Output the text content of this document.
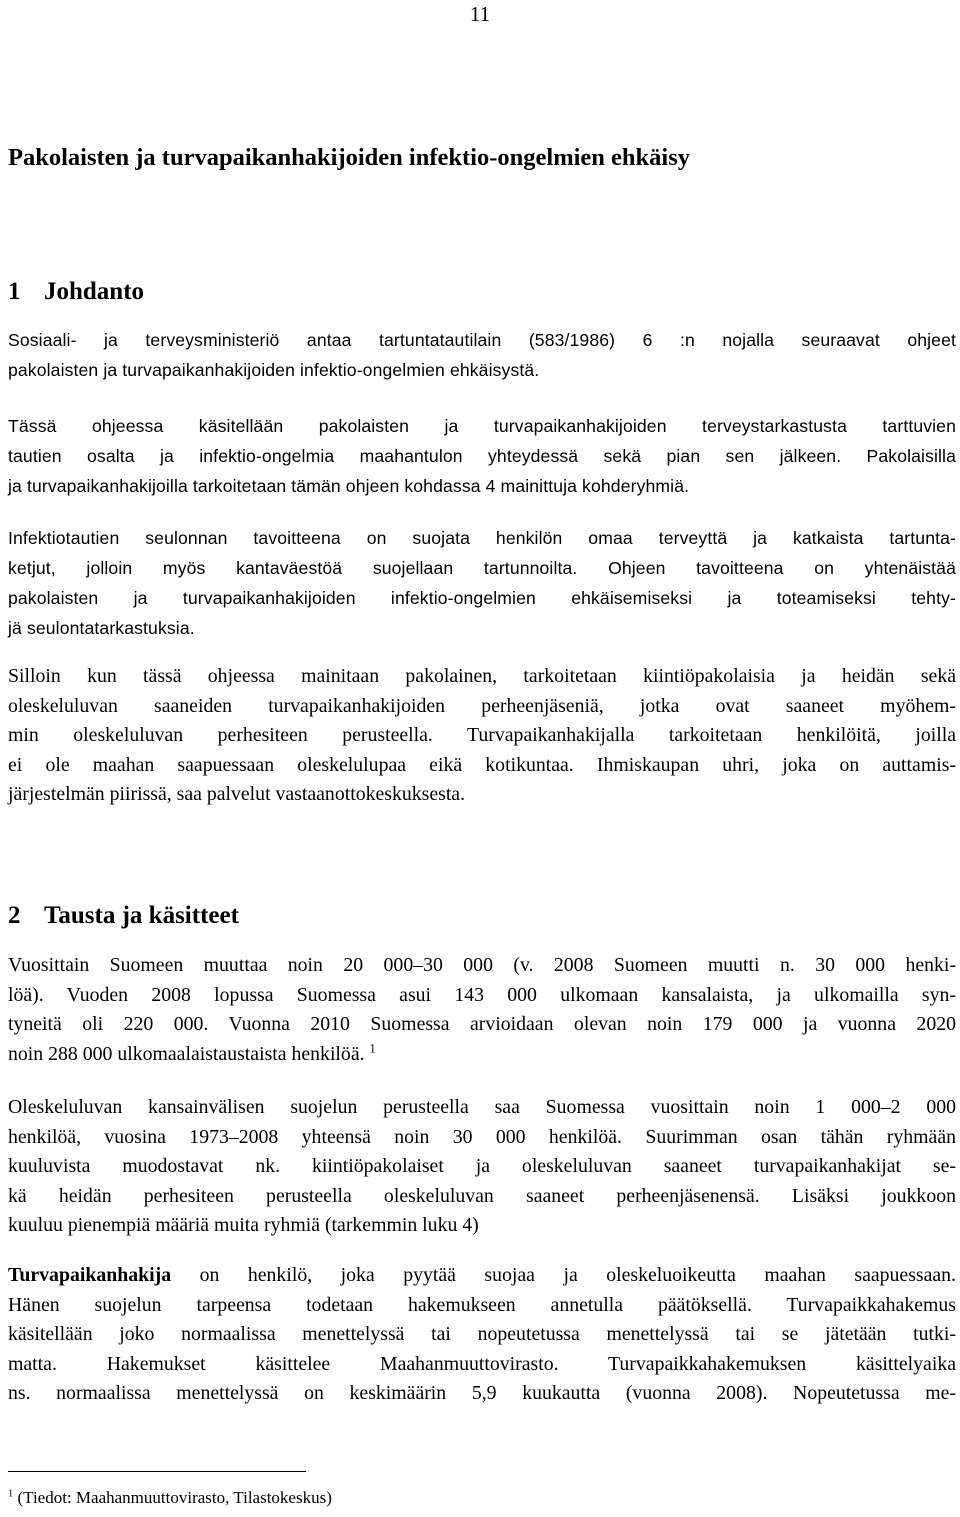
11
Pakolaisten ja turvapaikanhakijoiden infektio-ongelmien ehkäisy
1 Johdanto
Sosiaali- ja terveysministeriö antaa tartuntatautilain (583/1986) 6 :n nojalla seuraavat ohjeet
pakolaisten ja turvapaikanhakijoiden infektio-ongelmien ehkäisystä.
Tässä ohjeessa käsitellään pakolaisten ja turvapaikanhakijoiden terveystarkastusta tarttuvien
tautien osalta ja infektio-ongelmia maahantulon yhteydessä sekä pian sen jälkeen. Pakolaisilla
ja turvapaikanhakijoilla tarkoitetaan tämän ohjeen kohdassa 4 mainittuja kohderyhmiä.
Infektiotautien seulonnan tavoitteena on suojata henkilön omaa terveyttä ja katkaista tartunta-
ketjut, jolloin myös kantaväestöä suojellaan tartunnoilta. Ohjeen tavoitteena on yhtenäistää
pakolaisten ja turvapaikanhakijoiden infektio-ongelmien ehkäisemiseksi ja toteamiseksi tehty-
jä seulontatarkastuksia.
Silloin kun tässä ohjeessa mainitaan pakolainen, tarkoitetaan kiintiöpakolaisia ja heidän sekä
oleskeluluvan saaneiden turvapaikanhakijoiden perheenjäseniä, jotka ovat saaneet myöhem-
min oleskeluluvan perhesiteen perusteella. Turvapaikanhakijalla tarkoitetaan henkilöitä, joilla
ei ole maahan saapuessaan oleskelulupaa eikä kotikuntaa. Ihmiskaupan uhri, joka on auttamis-
järjestelmän piirissä, saa palvelut vastaanottokeskuksesta.
2 Tausta ja käsitteet
Vuosittain Suomeen muuttaa noin 20 000–30 000 (v. 2008 Suomeen muutti n. 30 000 henki-
löä). Vuoden 2008 lopussa Suomessa asui 143 000 ulkomaan kansalaista, ja ulkomailla syn-
tyneitä oli 220 000. Vuonna 2010 Suomessa arvioidaan olevan noin 179 000 ja vuonna 2020
noin 288 000 ulkomaalaistaustaista henkilöä. $^1$
Oleskeluluvan kansainvälisen suojelun perusteella saa Suomessa vuosittain noin 1 000–2 000
henkilöä, vuosina 1973–2008 yhteensä noin 30 000 henkilöä. Suurimman osan tähän ryhmään
kuuluvista muodostavat nk. kiintiöpakolaiset ja oleskeluluvan saaneet turvapaikanhakijat se-
kä heidän perhesiteen perusteella oleskeluluvan saaneet perheenjäsenensä. Lisäksi joukkoon
kuuluu pienempiä määriä muita ryhmiä (tarkemmin luku 4)
Turvapaikanhakija on henkilö, joka pyytää suojaa ja oleskeluoikeutta maahan saapuessaan.
Hänen suojelun tarpeensa todetaan hakemukseen annetulla päätöksellä. Turvapaikkahakemus
käsitellään joko normaalissa menettelyssä tai nopeutetussa menettelyssä tai se jätetään tutki-
matta. Hakemukset käsittelee Maahanmuuttovirasto. Turvapaikkahakemuksen käsittelyaika
ns. normaalissa menettelyssä on keskimäärin 5,9 kuukautta (vuonna 2008). Nopeutetussa me-

$^1$ (Tiedot: Maahanmuuttovirasto, Tilastokeskus)
